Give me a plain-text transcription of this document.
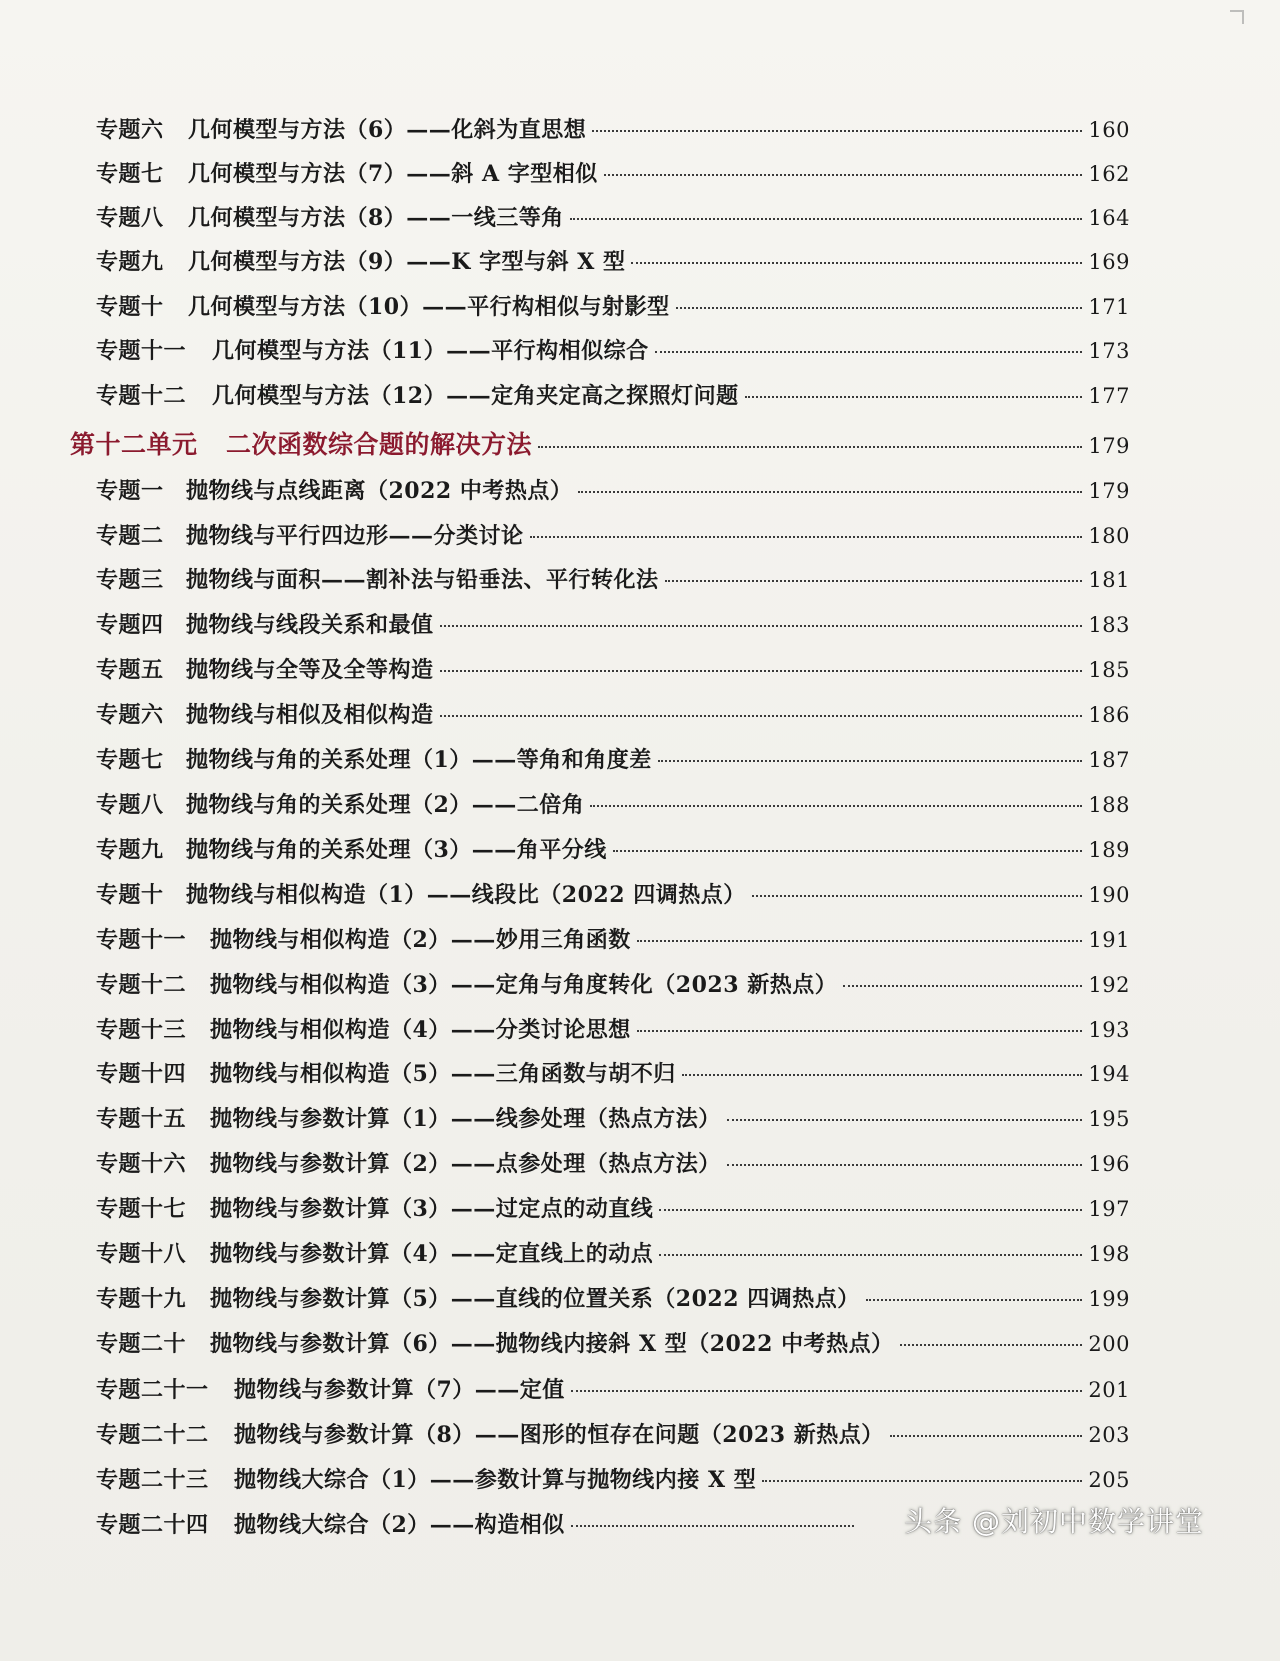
专题六	几何模型与方法（6）——化斜为直思想	160
专题七	几何模型与方法（7）——斜 A 字型相似	162
专题八	几何模型与方法（8）——一线三等角	164
专题九	几何模型与方法（9）——K 字型与斜 X 型	169
专题十	几何模型与方法（10）——平行构相似与射影型	171
专题十一	几何模型与方法（11）——平行构相似综合	173
专题十二	几何模型与方法（12）——定角夹定高之探照灯问题	177
第十二单元	二次函数综合题的解决方法	179
专题一	抛物线与点线距离（2022 中考热点）	179
专题二	抛物线与平行四边形——分类讨论	180
专题三	抛物线与面积——割补法与铅垂法、平行转化法	181
专题四	抛物线与线段关系和最值	183
专题五	抛物线与全等及全等构造	185
专题六	抛物线与相似及相似构造	186
专题七	抛物线与角的关系处理（1）——等角和角度差	187
专题八	抛物线与角的关系处理（2）——二倍角	188
专题九	抛物线与角的关系处理（3）——角平分线	189
专题十	抛物线与相似构造（1）——线段比（2022 四调热点）	190
专题十一	抛物线与相似构造（2）——妙用三角函数	191
专题十二	抛物线与相似构造（3）——定角与角度转化（2023 新热点）	192
专题十三	抛物线与相似构造（4）——分类讨论思想	193
专题十四	抛物线与相似构造（5）——三角函数与胡不归	194
专题十五	抛物线与参数计算（1）——线参处理（热点方法）	195
专题十六	抛物线与参数计算（2）——点参处理（热点方法）	196
专题十七	抛物线与参数计算（3）——过定点的动直线	197
专题十八	抛物线与参数计算（4）——定直线上的动点	198
专题十九	抛物线与参数计算（5）——直线的位置关系（2022 四调热点）	199
专题二十	抛物线与参数计算（6）——抛物线内接斜 X 型（2022 中考热点）	200
专题二十一	抛物线与参数计算（7）——定值	201
专题二十二	抛物线与参数计算（8）——图形的恒存在问题（2023 新热点）	203
专题二十三	抛物线大综合（1）——参数计算与抛物线内接 X 型	205
专题二十四	抛物线大综合（2）——构造相似	头条 @刘初中数学讲堂
